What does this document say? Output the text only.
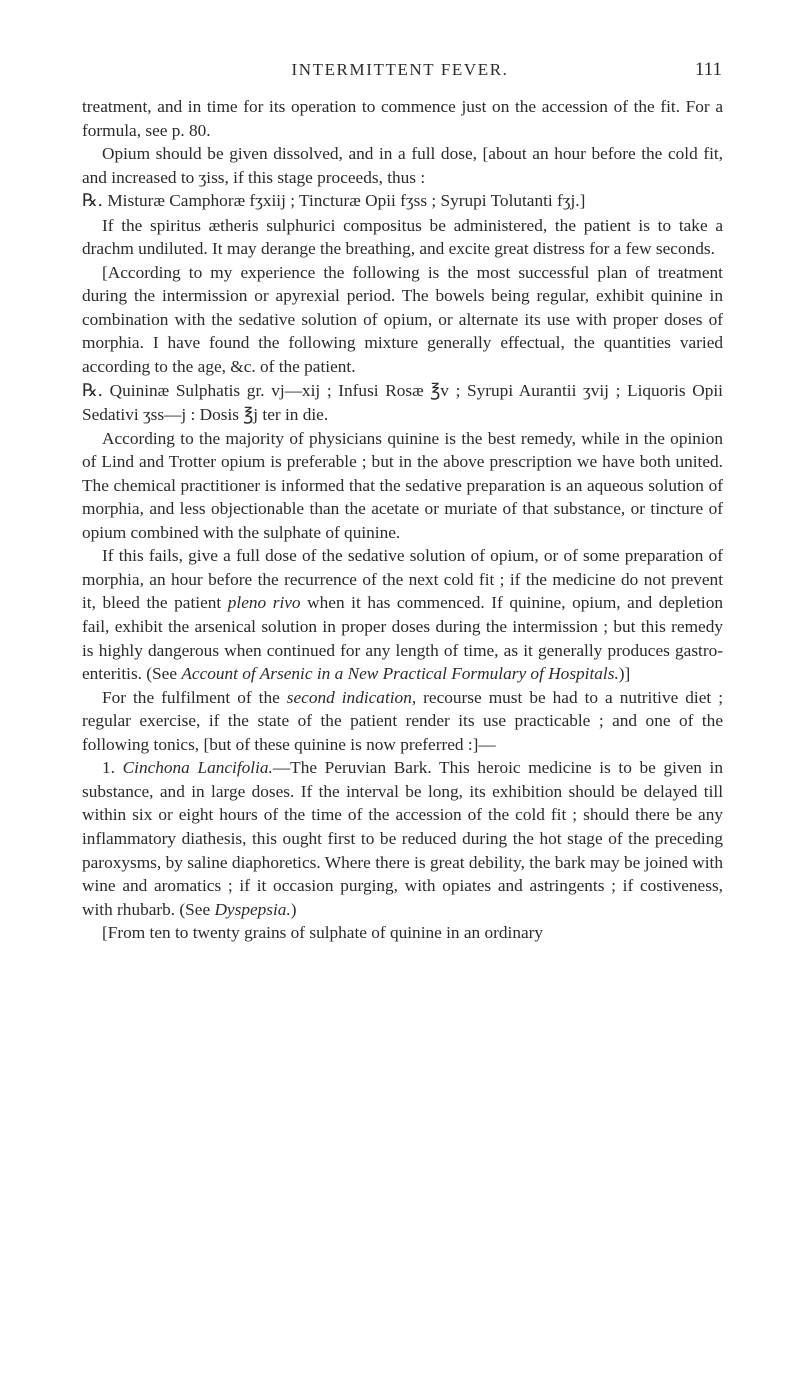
INTERMITTENT FEVER.	111

treatment, and in time for its operation to commence just on the accession of the fit. For a formula, see p. 80.

Opium should be given dissolved, and in a full dose, [about an hour before the cold fit, and increased to ʒiss, if this stage proceeds, thus :

℞. Misturæ Camphoræ fʒxiij ; Tincturæ Opii fʒss ; Syrupi Tolutanti fʒj.]

If the spiritus ætheris sulphurici compositus be administered, the patient is to take a drachm undiluted. It may derange the breathing, and excite great distress for a few seconds.

[According to my experience the following is the most successful plan of treatment during the intermission or apyrexial period. The bowels being regular, exhibit quinine in combination with the sedative solution of opium, or alternate its use with proper doses of morphia. I have found the following mixture generally effectual, the quantities varied according to the age, &c. of the patient.

℞. Quininæ Sulphatis gr. vj—xij ; Infusi Rosæ ℥v ; Syrupi Aurantii ʒvij ; Liquoris Opii Sedativi ʒss—j : Dosis ℥j ter in die.

According to the majority of physicians quinine is the best remedy, while in the opinion of Lind and Trotter opium is preferable ; but in the above prescription we have both united. The chemical practitioner is informed that the sedative preparation is an aqueous solution of morphia, and less objectionable than the acetate or muriate of that substance, or tincture of opium combined with the sulphate of quinine.

If this fails, give a full dose of the sedative solution of opium, or of some preparation of morphia, an hour before the recurrence of the next cold fit ; if the medicine do not prevent it, bleed the patient pleno rivo when it has commenced. If quinine, opium, and depletion fail, exhibit the arsenical solution in proper doses during the intermission ; but this remedy is highly dangerous when continued for any length of time, as it generally produces gastro-enteritis. (See Account of Arsenic in a New Practical Formulary of Hospitals.)]

For the fulfilment of the second indication, recourse must be had to a nutritive diet ; regular exercise, if the state of the patient render its use practicable ; and one of the following tonics, [but of these quinine is now preferred :]—

1. Cinchona Lancifolia.—The Peruvian Bark. This heroic medicine is to be given in substance, and in large doses. If the interval be long, its exhibition should be delayed till within six or eight hours of the time of the accession of the cold fit ; should there be any inflammatory diathesis, this ought first to be reduced during the hot stage of the preceding paroxysms, by saline diaphoretics. Where there is great debility, the bark may be joined with wine and aromatics ; if it occasion purging, with opiates and astringents ; if costiveness, with rhubarb. (See Dyspepsia.)

[From ten to twenty grains of sulphate of quinine in an ordinary
